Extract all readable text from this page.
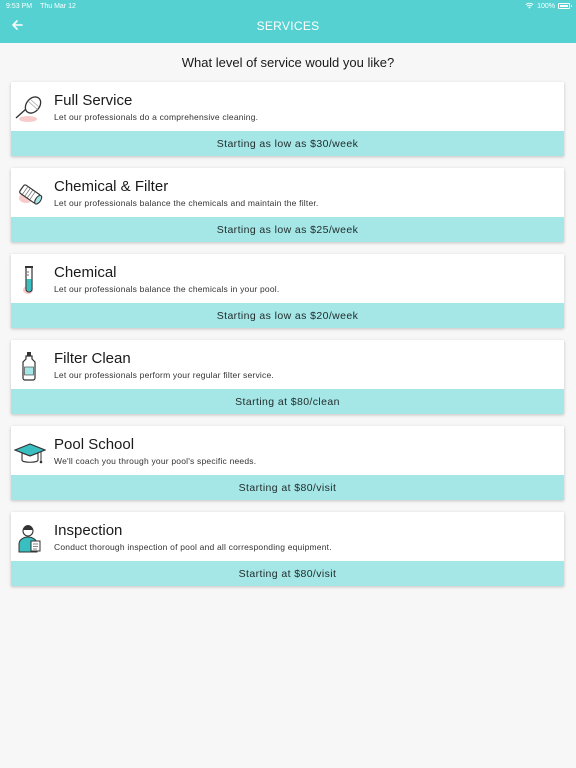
9:53 PM Thu Mar 12	100%
SERVICES
What level of service would you like?
Full Service
Let our professionals do a comprehensive cleaning.
Starting as low as $30/week
Chemical & Filter
Let our professionals balance the chemicals and maintain the filter.
Starting as low as $25/week
Chemical
Let our professionals balance the chemicals in your pool.
Starting as low as $20/week
Filter Clean
Let our professionals perform your regular filter service.
Starting at $80/clean
Pool School
We'll coach you through your pool's specific needs.
Starting at $80/visit
Inspection
Conduct thorough inspection of pool and all corresponding equipment.
Starting at $80/visit
